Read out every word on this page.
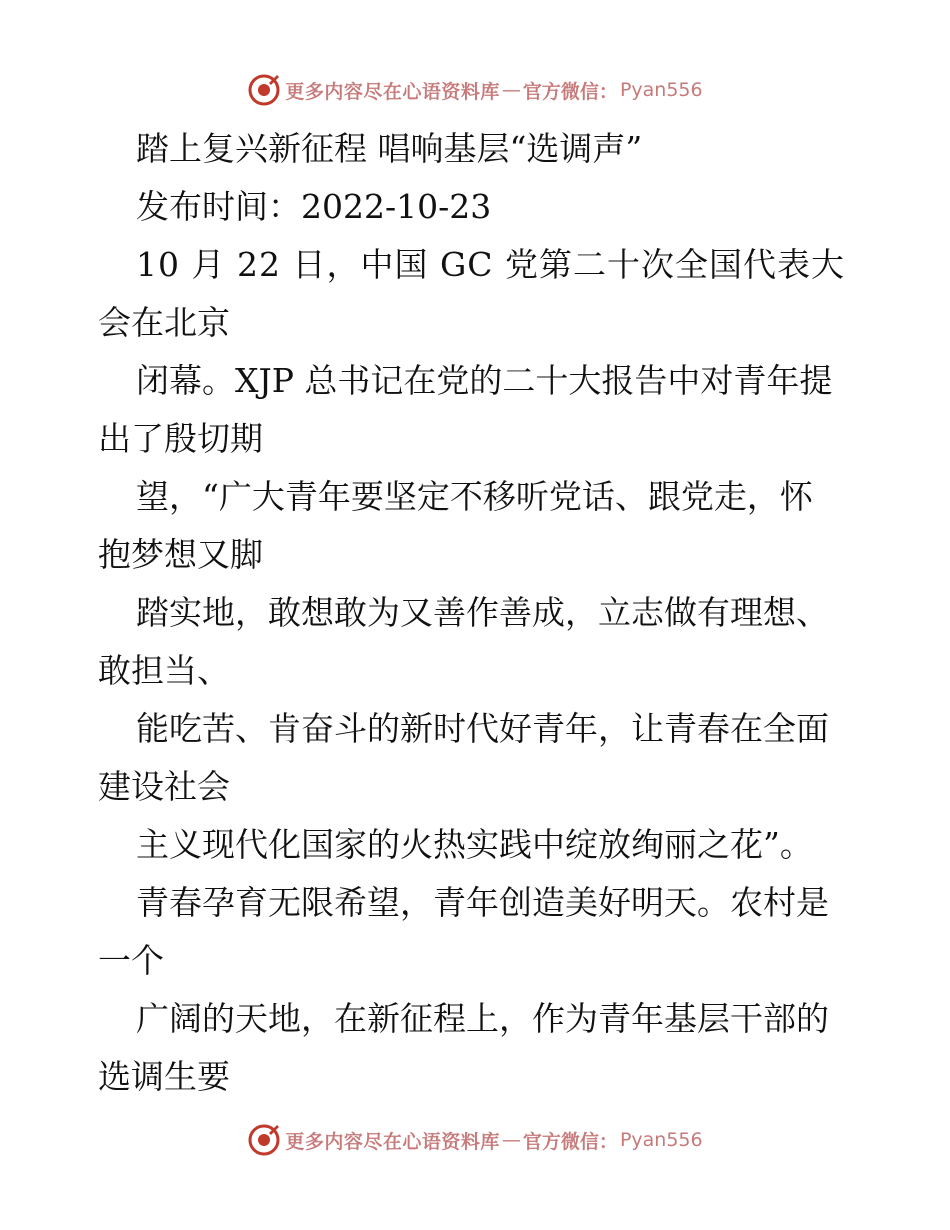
更多内容尽在心语资料库 — 官方微信： Pyan556
踏上复兴新征程 唱响基层“选调声”
发布时间：2022-10-23
10 月 22 日，中国 GC 党第二十次全国代表大
会在北京
闭幕。XJP 总书记在党的二十大报告中对青年提
出了殷切期
望，“广大青年要坚定不移听党话、跟党走，怀
抱梦想又脚
踏实地，敢想敢为又善作善成，立志做有理想、
敢担当、
能吃苦、肯奋斗的新时代好青年，让青春在全面
建设社会
主义现代化国家的火热实践中绽放绚丽之花”。
青春孕育无限希望，青年创造美好明天。农村是
一个
广阔的天地，在新征程上，作为青年基层干部的
选调生要
更多内容尽在心语资料库 — 官方微信： Pyan556
